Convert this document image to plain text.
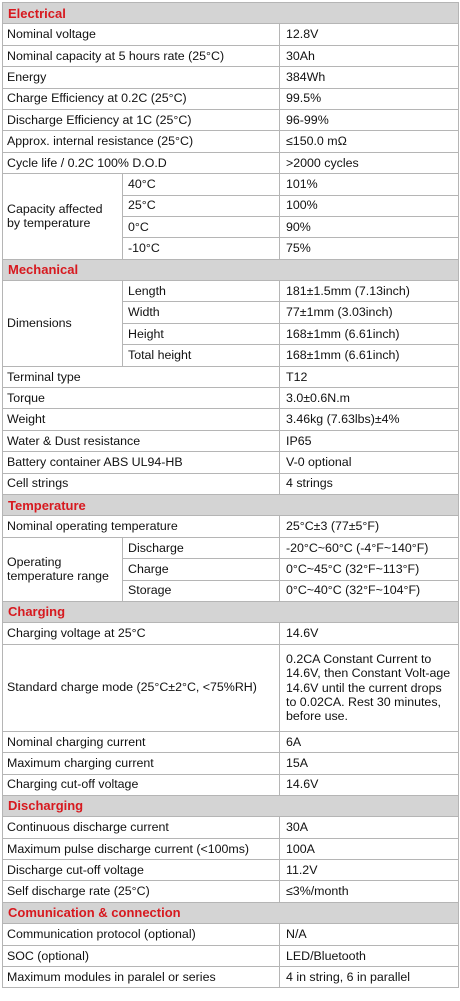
Electrical		
Nominal voltage		12.8V
Nominal capacity at 5 hours rate (25°C)		30Ah
Energy		384Wh
Charge Efficiency at 0.2C (25°C)		99.5%
Discharge Efficiency at 1C (25°C)		96-99%
Approx. internal resistance (25°C)		≤150.0 mΩ
Cycle life / 0.2C 100% D.O.D		>2000 cycles
Capacity affected by temperature	40°C	101%
	25°C	100%
	0°C	90%
	-10°C	75%
Mechanical		
Dimensions	Length	181±1.5mm (7.13inch)
	Width	77±1mm (3.03inch)
	Height	168±1mm (6.61inch)
	Total height	168±1mm (6.61inch)
Terminal type		T12
Torque		3.0±0.6N.m
Weight		3.46kg (7.63lbs)±4%
Water & Dust resistance		IP65
Battery container ABS UL94-HB		V-0 optional
Cell strings		4 strings
Temperature		
Nominal operating temperature		25°C±3 (77±5°F)
Operating temperature range	Discharge	-20°C~60°C (-4°F~140°F)
	Charge	0°C~45°C (32°F~113°F)
	Storage	0°C~40°C (32°F~104°F)
Charging		
Charging voltage at 25°C		14.6V
Standard charge mode (25°C±2°C, <75%RH)		0.2CA Constant Current to 14.6V, then Constant Volt-age 14.6V until the current drops to 0.02CA. Rest 30 minutes, before use.
Nominal charging current		6A
Maximum charging current		15A
Charging cut-off voltage		14.6V
Discharging		
Continuous discharge current		30A
Maximum pulse discharge current (<100ms)		100A
Discharge cut-off voltage		11.2V
Self discharge rate (25°C)		≤3%/month
Comunication & connection		
Communication protocol (optional)		N/A
SOC (optional)		LED/Bluetooth
Maximum modules in paralel or series		4 in string, 6 in parallel
